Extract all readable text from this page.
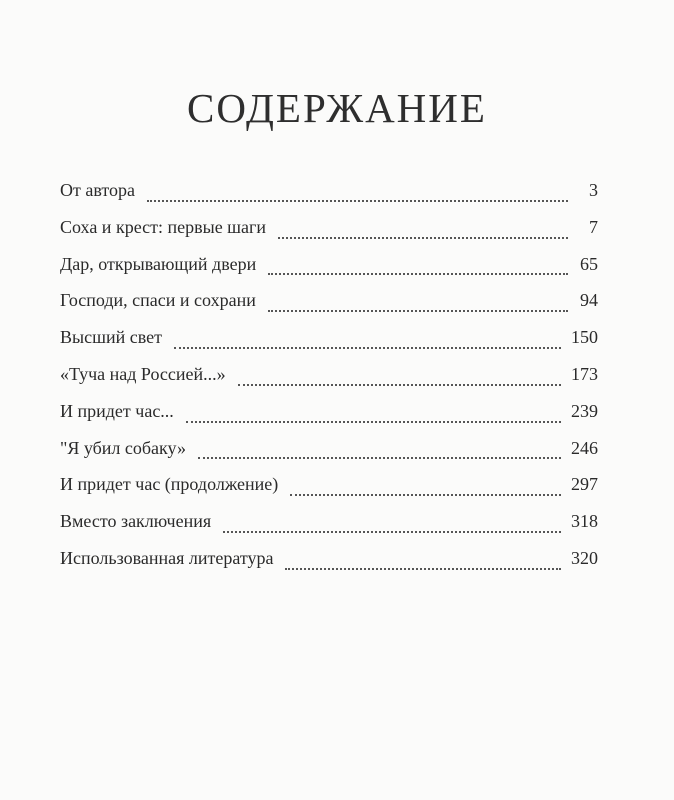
СОДЕРЖАНИЕ
От автора	3
Соха и крест: первые шаги	7
Дар, открывающий двери	65
Господи, спаси и сохрани	94
Высший свет	150
«Туча над Россией...»	173
И придет час...	239
"Я убил собаку»	246
И придет час (продолжение)	297
Вместо заключения	318
Использованная литература	320
